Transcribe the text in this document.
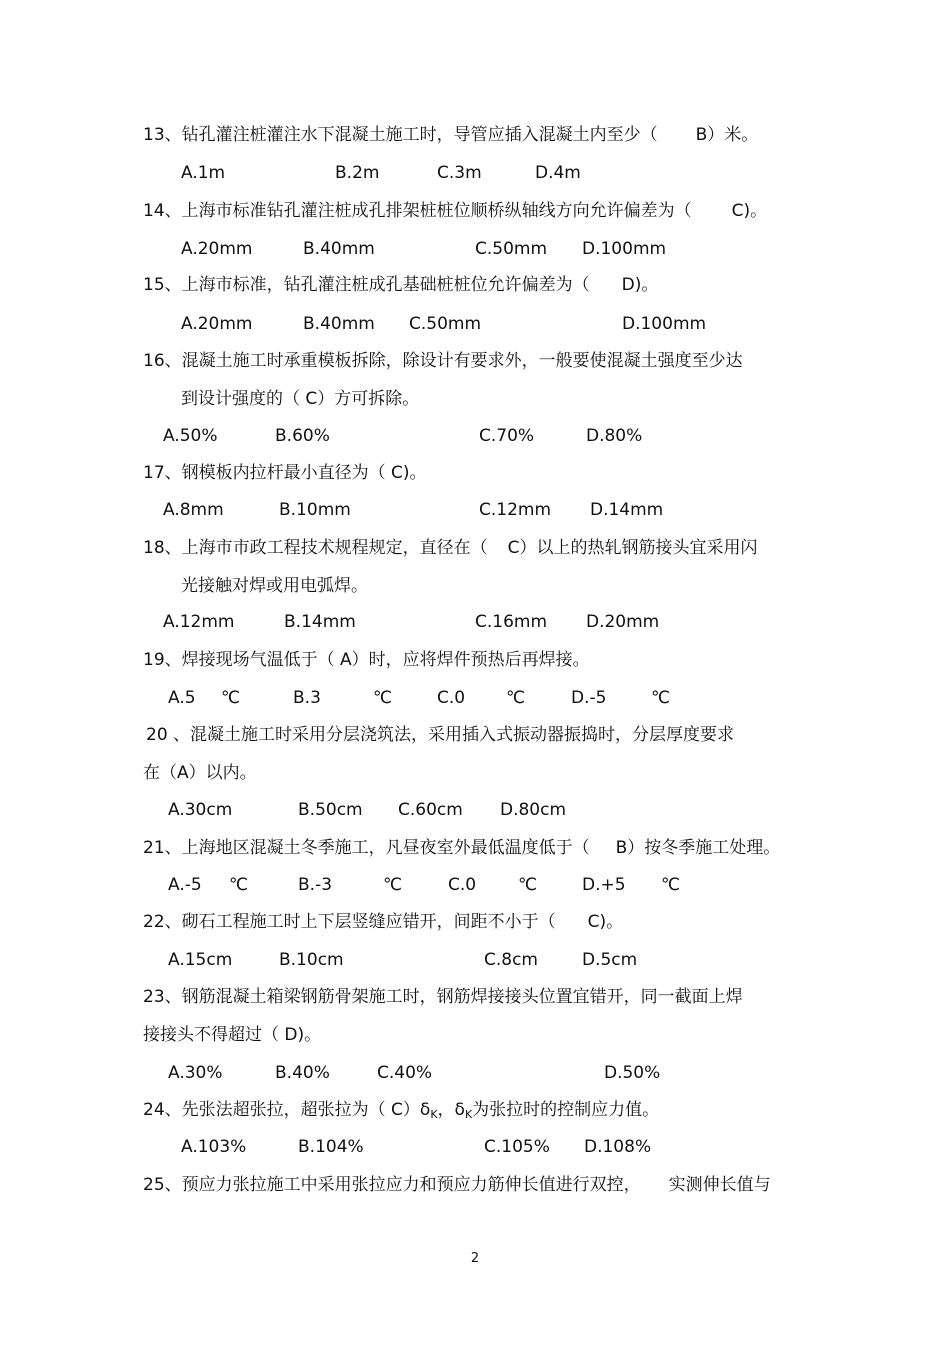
13、钻孔灌注桩灌注水下混凝土施工时，导管应插入混凝土内至少（ B）米。
A.1m	B.2m	C.3m	D.4m
14、上海市标准钻孔灌注桩成孔排架桩桩位顺桥纵轴线方向允许偏差为（ C)。
A.20mm	B.40mm	C.50mm D.100mm
15、上海市标准，钻孔灌注桩成孔基础桩桩位允许偏差为（ D)。
A.20mm	B.40mm C.50mm	D.100mm
16、混凝土施工时承重模板拆除，除设计有要求外，一般要使混凝土强度至少达
到设计强度的（ C）方可拆除。
A.50%	B.60%	C.70%	D.80%
17、钢模板内拉杆最小直径为（ C)。
A.8mm	B.10mm	C.12mm D.14mm
18、上海市市政工程技术规程规定，直径在（ C）以上的热轧钢筋接头宜采用闪
光接触对焊或用电弧焊。
A.12mm	B.14mm	C.16mm D.20mm
19、焊接现场气温低于（ A）时，应将焊件预热后再焊接。
A.5 ℃	B.3	℃	C.0 ℃	D.-5	℃
20 、混凝土施工时采用分层浇筑法，采用插入式振动器振捣时，分层厚度要求
在（A）以内。
A.30cm	B.50cm C.60cm D.80cm
21、上海地区混凝土冬季施工，凡昼夜室外最低温度低于（ B）按冬季施工处理。
A.-5 ℃	B.-3	℃	C.0 ℃	D.+5 ℃
22、砌石工程施工时上下层竖缝应错开，间距不小于（ C)。
A.15cm	B.10cm	C.8cm	D.5cm
23、钢筋混凝土箱梁钢筋骨架施工时，钢筋焊接接头位置宜错开，同一截面上焊
接接头不得超过（ D)。
A.30%	B.40%	C.40%	D.50%
24、先张法超张拉，超张拉为（ C）δK，δK为张拉时的控制应力值。
A.103%	B.104%	C.105% D.108%
25、预应力张拉施工中采用张拉应力和预应力筋伸长值进行双控， 实测伸长值与
2
